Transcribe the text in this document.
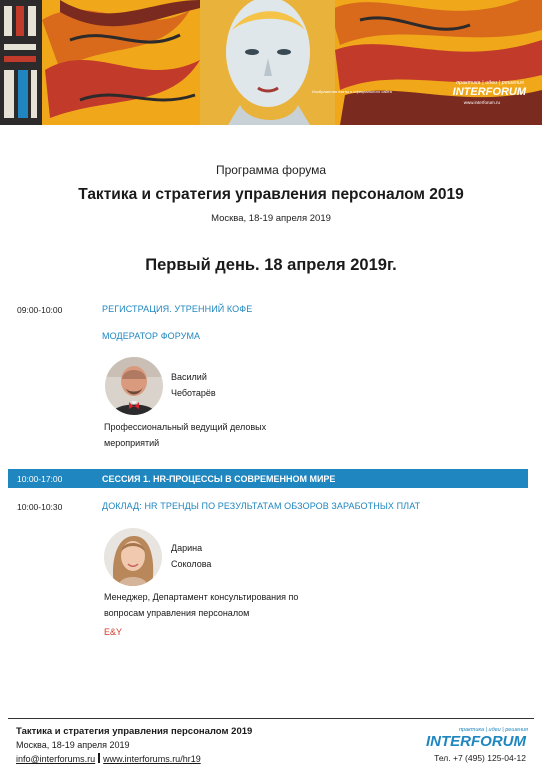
Изображения взяты с официального сайта
практика | идеи | решения
INTERFORUM
www.interforum.ru
Программа форума
Тактика и стратегия управления персоналом 2019
Москва, 18-19 апреля 2019
Первый день. 18 апреля 2019г.
09:00-10:00	РЕГИСТРАЦИЯ. УТРЕННИЙ КОФЕ
МОДЕРАТОР ФОРУМА
Василий
Чеботарёв
Профессиональный ведущий деловых
мероприятий
10:00-17:00	СЕССИЯ 1. HR-ПРОЦЕССЫ В СОВРЕМЕННОМ МИРЕ
10:00-10:30	ДОКЛАД: HR ТРЕНДЫ ПО РЕЗУЛЬТАТАМ ОБЗОРОВ ЗАРАБОТНЫХ ПЛАТ
Дарина
Соколова
Менеджер, Департамент консультирования по
вопросам управления персоналом
E&Y
Тактика и стратегия управления персоналом 2019
Москва, 18-19 апреля 2019
info@interforums.ru www.interforums.ru/hr19
практика | идеи | решения
INTERFORUM
Тел. +7 (495) 125-04-12
